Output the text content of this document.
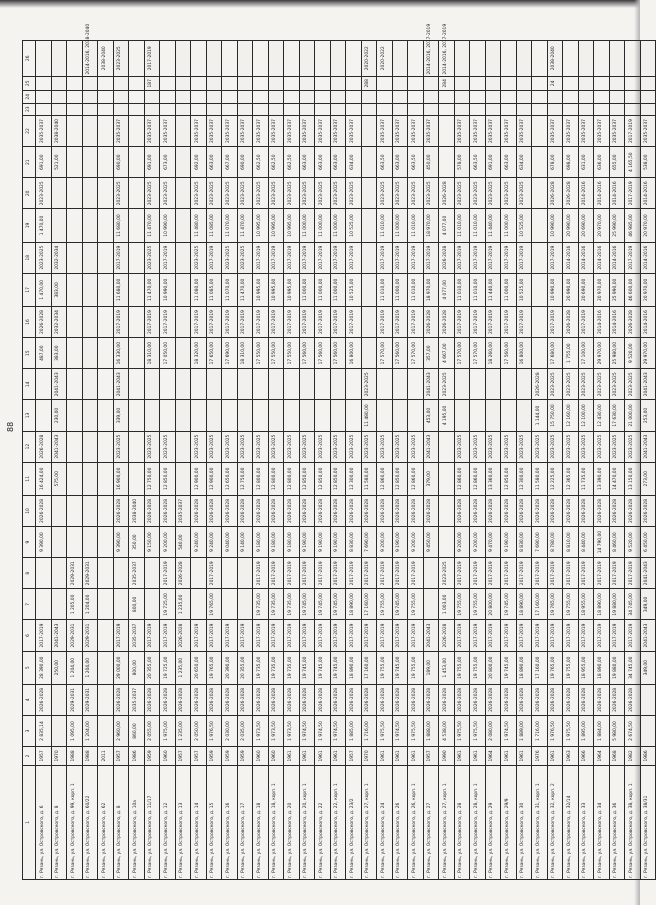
88
1	2	3	4	5	6	7	8	9	10	11	12	13	14	15	16	17	18	19	20	21	22	23	24	25	26
г. Рязань, ул. Островского, д. 6	1957	2 835,14	2026-2028	28 390,00	2017-2019			9 390,00	2026-2028	16 424,00	2026-2028			487,00	2026-2028	1 470,00	2023-2025	1 470,00	2023-2025	691,00	2035-2037				
г. Рязань, ул. Островского, д. 8	1970			250,00	2041-2043					575,00	2041-2043	230,00	2041-2043	383,00	2032-2034	383,00	2032-2034			521,00	2038-2040				
г. Рязань, ул. Островского, д. 99, корп. 1	1988	1 095,00	2029-2031	1 204,00	2029-2031	1 205,00	2029-2031																		
г. Рязань, ул. Островского, д. 60/22	1988	1 204,00	2029-2031	1 204,00	2029-2031	1 204,00	2029-2031																		2014-2016, 2038-2040
г. Рязань, ул. Островского, д. 62	2011																								2038-2040
г. Рязань, ул. Островского, д. 8	1957	2 960,00	2026-2028	29 000,00	2017-2019			9 390,00	2026-2028	16 900,00	2023-2025	339,00	2041-2043	16 330,00	2017-2019	11 680,00	2017-2019	11 680,00	2023-2025	690,00	2035-2037				2023-2025
г. Рязань, ул. Островского, д. 10а	1986	860,00	2035-2037	800,00	2035-2037	800,00	2035-2037	350,00	2038-2040																
г. Рязань, ул. Островского, д. 11/17	1959	2 055,00	2026-2028	20 355,00	2017-2019			9 150,00	2026-2028	12 750,00	2023-2025			18 310,00	2017-2019	11 470,00	2023-2025	11 470,00	2023-2025	691,00	2035-2037			187	2017-2019
г. Рязань, ул. Островского, д. 12	1960	1 975,00	2026-2028	19 725,00	2017-2019	19 725,00	2017-2019	9 200,00	2026-2028	12 850,00	2023-2025			17 050,00	2017-2019	10 990,00	2017-2019	10 990,00	2023-2025	673,00	2035-2037				
г. Рязань, ул. Островского, д. 13	1957	1 235,00	2026-2028	1 235,00	2026-2028	1 235,00	2026-2028	540,00	2035-2037																
г. Рязань, ул. Островского, д. 14	1957	2 050,00	2026-2028	20 650,00	2017-2019			9 240,00	2026-2028	12 900,00	2023-2025			18 320,00	2017-2019	11 080,00	2023-2025	11 480,00	2023-2025	692,00	2035-2037				
г. Рязань, ул. Островского, д. 15	1959	1 976,50	2026-2028	19 765,00	2017-2019	19 765,00	2017-2019	9 240,00	2026-2028	12 900,00	2023-2025			17 650,00	2017-2019	11 085,00	2017-2019	11 085,00	2023-2025	663,00	2035-2037				
г. Рязань, ул. Островского, д. 16	1959	2 030,00	2026-2028	20 390,00	2017-2019			9 040,00	2026-2028	12 650,00	2023-2025			17 690,00	2017-2019	11 070,00	2023-2025	11 070,00	2023-2025	667,00	2035-2037				
г. Рязань, ул. Островского, д. 17	1959	2 035,00	2026-2028	20 355,00	2017-2019			9 140,00	2026-2028	12 750,00	2023-2025			18 310,00	2017-2019	11 470,00	2023-2025	11 470,00	2023-2025	690,00	2035-2037				
г. Рязань, ул. Островского, д. 18	1960	1 973,50	2026-2028	19 735,00	2017-2019	19 735,00	2017-2019	9 180,00	2026-2028	12 800,00	2023-2025			17 550,00	2017-2019	10 995,00	2017-2019	10 995,00	2023-2025	662,50	2035-2037				
г. Рязань, ул. Островского, д. 18, корп. 1	1960	1 973,50	2026-2028	19 735,00	2017-2019	19 735,00	2017-2019	9 180,00	2026-2028	12 800,00	2023-2025			17 550,00	2017-2019	10 995,00	2017-2019	10 995,00	2023-2025	662,50	2035-2037				
г. Рязань, ул. Островского, д. 20	1961	1 973,50	2026-2028	19 735,00	2017-2019	19 735,00	2017-2019	9 180,00	2026-2028	12 800,00	2023-2025			17 550,00	2017-2019	10 995,00	2017-2019	10 995,00	2023-2025	662,50	2035-2037				
г. Рязань, ул. Островского, д. 20, корп. 1	1961	1 974,50	2026-2028	19 745,00	2017-2019	19 745,00	2017-2019	9 190,00	2026-2028	12 850,00	2023-2025			17 560,00	2017-2019	11 000,00	2017-2019	11 000,00	2023-2025	663,00	2035-2037				
г. Рязань, ул. Островского, д. 22	1961	1 974,50	2026-2028	19 745,00	2017-2019	19 745,00	2017-2019	9 190,00	2026-2028	12 850,00	2023-2025			17 560,00	2017-2019	11 000,00	2017-2019	11 000,00	2023-2025	663,00	2035-2037				
г. Рязань, ул. Островского, д. 22, корп. 1	1961	1 974,50	2026-2028	19 745,00	2017-2019	19 745,00	2017-2019	9 190,00	2026-2028	12 850,00	2023-2025			17 560,00	2017-2019	11 000,00	2017-2019	11 000,00	2023-2025	663,00	2035-2037				
г. Рязань, ул. Островского, д. 23/2	1957	1 885,00	2026-2028	18 890,00	2017-2019	18 890,00	2017-2019	8 830,00	2026-2028	12 300,00	2023-2025			16 800,00	2017-2019	10 525,00	2017-2019	10 525,00	2023-2025	634,00	2035-2037				
г. Рязань, ул. Островского, д. 27, корп. 1	1970	1 716,00	2026-2028	17 160,00	2017-2019	17 160,00	2017-2019	7 690,00	2026-2028	11 580,00	2023-2025	11 480,00	2023-2025											288	2020-2022
г. Рязань, ул. Островского, д. 24	1961	1 975,50	2026-2028	19 755,00	2017-2019	19 755,00	2017-2019	9 200,00	2026-2028	12 860,00	2023-2025			17 570,00	2017-2019	11 010,00	2017-2019	11 010,00	2023-2025	663,50	2035-2037				2020-2022
г. Рязань, ул. Островского, д. 26	1961	1 974,50	2026-2028	19 745,00	2017-2019	19 745,00	2017-2019	9 190,00	2026-2028	12 850,00	2023-2025			17 560,00	2017-2019	11 000,00	2017-2019	11 000,00	2023-2025	663,00	2035-2037				
г. Рязань, ул. Островского, д. 26, корп. 1	1961	1 975,50	2026-2028	19 755,00	2017-2019	19 755,00	2017-2019	9 200,00	2026-2028	12 860,00	2023-2025			17 570,00	2017-2019	11 010,00	2017-2019	11 010,00	2023-2025	663,50	2035-2037				
г. Рязань, ул. Островского, д. 27	1957	1 888,00	2026-2028	189,00	2041-2043			9 450,00	2026-2028	379,00	2041-2043	453,00	2041-2043	357,00	2026-2028	18 970,00	2017-2019	18 970,00	2023-2025	450,00	2035-2037				2014-2016, 2017-2019
г. Рязань, ул. Островского, д. 27, корп. 1	1990	4 538,00	2026-2028	1 453,00	2026-2028	1 003,00	2023-2025					4 195,00	2023-2025	4 667,00	2026-2028	4 077,00	2026-2028	4 077,00	2026-2028					284	2014-2016, 2017-2019
г. Рязань, ул. Островского, д. 28	1961	1 975,50	2026-2028	19 755,00	2017-2019	19 755,00	2017-2019	9 200,00	2026-2028	12 860,00	2023-2025			17 570,00	2017-2019	11 010,00	2017-2019	11 010,00	2023-2025	578,00	2035-2037				
г. Рязань, ул. Островского, д. 28, корп. 1	1961	1 975,50	2026-2028	19 755,00	2017-2019	19 755,00	2017-2019	9 200,00	2026-2028	12 860,00	2023-2025			17 570,00	2017-2019	11 010,00	2017-2019	11 010,00	2023-2025	663,50	2035-2037				
г. Рязань, ул. Островского, д. 29	1964	2 080,00	2026-2028	20 800,00	2017-2019	20 800,00	2017-2019	9 470,00	2026-2028	13 360,00	2023-2025			18 260,00	2017-2019	11 440,00	2017-2019	11 440,00	2023-2025	691,00	2035-2037				
г. Рязань, ул. Островского, д. 29/9	1961	1 974,50	2026-2028	19 745,00	2017-2019	19 745,00	2017-2019	9 190,00	2026-2028	12 850,00	2023-2025			17 560,00	2017-2019	11 000,00	2017-2019	11 000,00	2023-2025	663,00	2035-2037				
г. Рязань, ул. Островского, д. 30	1961	1 889,00	2026-2028	18 890,00	2017-2019	18 890,00	2017-2019	8 830,00	2026-2028	12 300,00	2023-2025			16 800,00	2017-2019	10 525,00	2017-2019	10 525,00	2023-2025	634,00	2035-2037				
г. Рязань, ул. Островского, д. 31, корп. 1	1976	1 716,00	2026-2028	17 160,00	2017-2019	17 160,00	2017-2019	7 690,00	2026-2028	11 580,00	2023-2025	1 144,00	2026-2028												
г. Рязань, ул. Островского, д. 32, корп. 2	1961	1 976,50	2026-2028	19 765,00	2017-2019	19 765,00	2017-2019	8 780,00	2026-2028	12 225,00	2023-2025	15 750,00	2023-2025	17 680,00	2017-2019	10 990,00	2017-2019	10 990,00	2026-2028	678,00	2035-2037			24	2038-2040
г. Рязань, ул. Островского, д. 32/14	1963	1 975,50	2026-2028	19 755,00	2017-2019	19 755,00	2017-2019	8 810,00	2026-2028	12 365,00	2023-2025	12 160,00	2023-2025	1 755,00	2026-2028	20 990,00	2014-2016	20 990,00	2026-2028	698,00	2035-2037				
г. Рязань, ул. Островского, д. 33	1966	1 895,00	2026-2028	18 955,00	2017-2019	18 955,00	2017-2019	8 440,00	2026-2028	11 735,00	2023-2025	12 100,00	2023-2025	17 100,00	2017-2019	20 690,00	2014-2016	20 690,00	2014-2016	631,00	2035-2037				
г. Рязань, ул. Островского, д. 34	1964	1 884,00	2026-2028	18 890,00	2017-2019	18 890,00	2017-2019	14 790,00	2026-2028	13 390,00	2023-2025	12 430,00	2023-2025	29 970,00	2014-2016	20 970,00	2014-2016	20 970,00	2014-2016	636,00	2035-2037				
г. Рязань, ул. Островского, д. 36	1968	5 980,00	2026-2028	19 880,00	2017-2019	19 880,00	2017-2019	8 460,00	2026-2028	14 470,00	2023-2025	17 630,00	2023-2025	25 980,00	2014-2016	25 990,00	2014-2016	25 990,00	2014-2016	655,00	2035-2037				
г. Рязань, ул. Островского, д. 38, корп. 1	1982	2 674,50	2026-2028	34 745,00	2017-2019	34 745,00	2017-2019	9 520,00	2026-2028	13 150,00	2023-2025	21 000,00	2023-2025	9 520,00	2026-2028	46 600,00	2017-2019	46 985,00	2017-2019	4 165,50	2017-2019				
г. Рязань, ул. Островского, д. 38/31	1986			349,00	2041-2043	349,00	2041-2043	6 450,00	2026-2028	273,00	2041-2043	253,00	2041-2043	29 970,00	2014-2016	20 970,00	2014-2016	20 970,00	2014-2016	538,00	2035-2037				
